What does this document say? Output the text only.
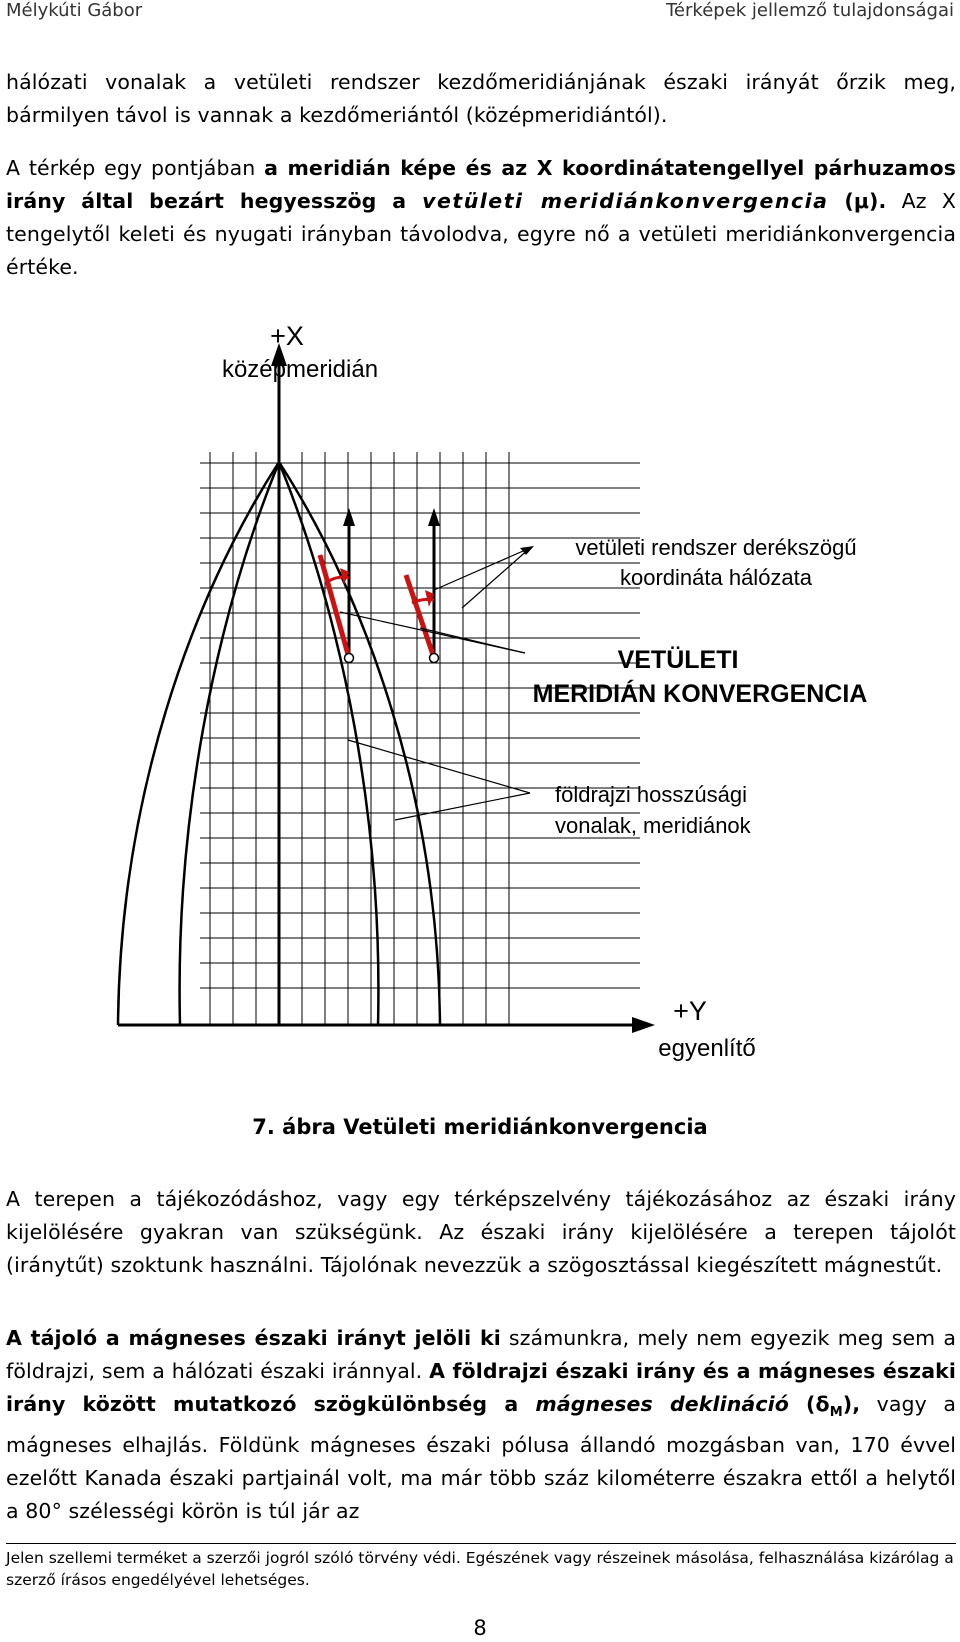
Mélykúti Gábor	Térképek jellemző tulajdonságai
hálózati vonalak a vetületi rendszer kezdőmeridiánjának északi irányát őrzik meg, bármilyen távol is vannak a kezdőmeriántól (középmeridiántól).
A térkép egy pontjában a meridián képe és az X koordinátatengellyel párhuzamos irány által bezárt hegyesszög a vetületi meridiánkonvergencia (μ). Az X tengelytől keleti és nyugati irányban távolodva, egyre nő a vetületi meridiánkonvergencia értéke.
+X
középmeridián
vetületi rendszer derékszögű
koordináta hálózata
VETÜLETI
MERIDIÁN KONVERGENCIA
földrajzi hosszúsági
vonalak, meridiánok
+Y
egyenlítő
7. ábra Vetületi meridiánkonvergencia
A terepen a tájékozódáshoz, vagy egy térképszelvény tájékozásához az északi irány kijelölésére gyakran van szükségünk. Az északi irány kijelölésére a terepen tájolót (iránytűt) szoktunk használni. Tájolónak nevezzük a szögosztással kiegészített mágnestűt.
A tájoló a mágneses északi irányt jelöli ki számunkra, mely nem egyezik meg sem a földrajzi, sem a hálózati északi iránnyal. A földrajzi északi irány és a mágneses északi irány között mutatkozó szögkülönbség a mágneses deklináció $(\delta_M)$, vagy a mágneses elhajlás. Földünk mágneses északi pólusa állandó mozgásban van, 170 évvel ezelőtt Kanada északi partjainál volt, ma már több száz kilométerre északra ettől a helytől a 80° szélességi körön is túl jár az
Jelen szellemi terméket a szerzői jogról szóló törvény védi. Egészének vagy részeinek másolása, felhasználása kizárólag a szerző írásos engedélyével lehetséges.
8
